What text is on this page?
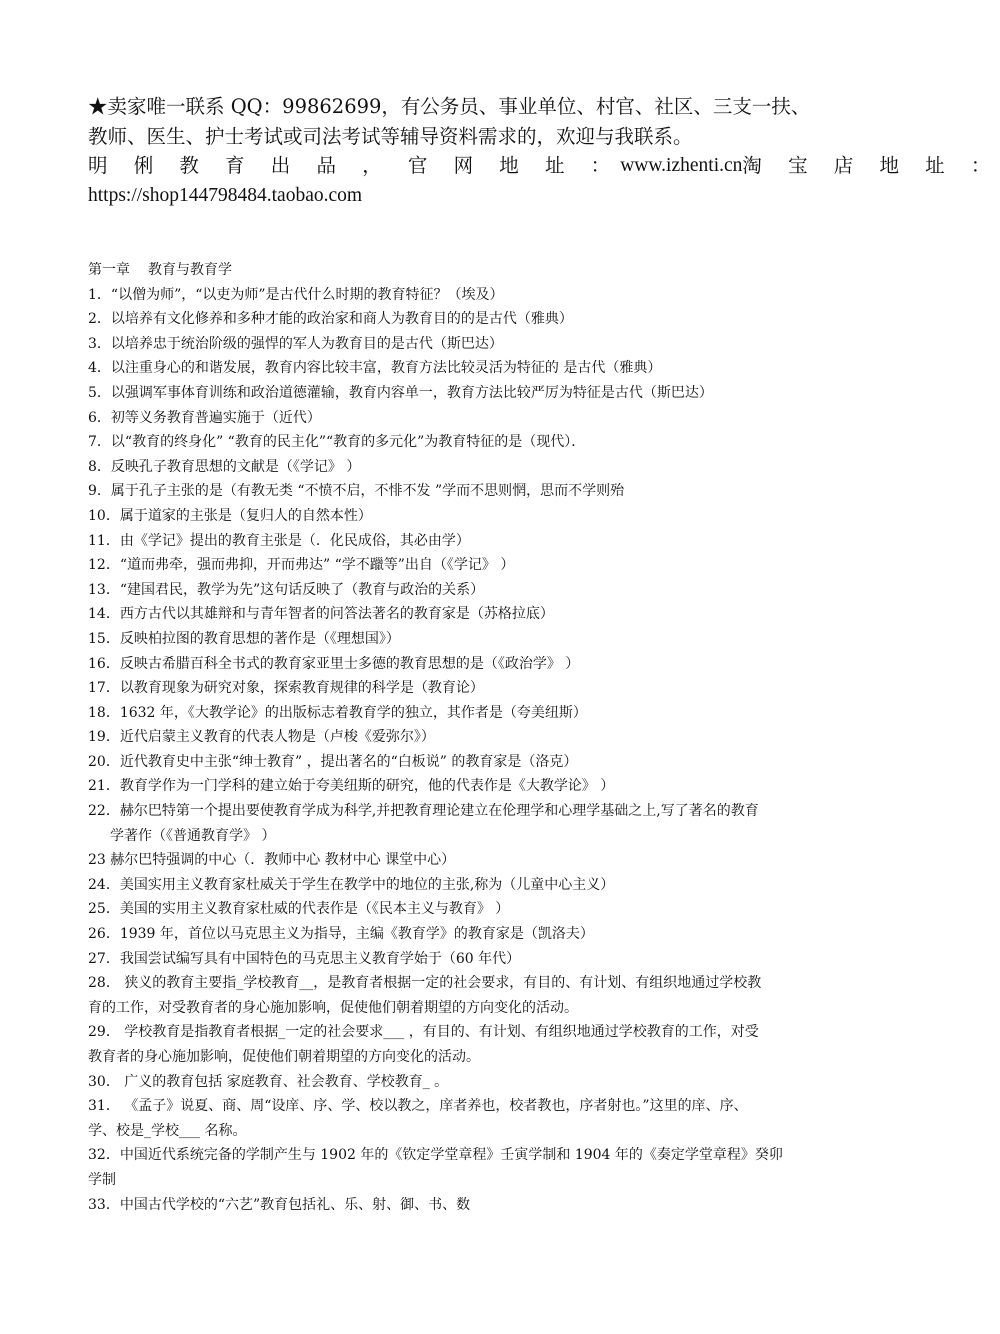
★卖家唯一联系 QQ：99862699，有公务员、事业单位、村官、社区、三支一扶、
教师、医生、护士考试或司法考试等辅导资料需求的，欢迎与我联系。
明 俐 教 育 出 品 ， 官 网 地 址 ： www.izhenti.cn 淘 宝 店 地 址 ：
https://shop144798484.taobao.com
第一章 教育与教育学
1．“以僧为师”，“以吏为师”是古代什么时期的教育特征？（埃及）
2．以培养有文化修养和多种才能的政治家和商人为教育目的的是古代（雅典）
3．以培养忠于统治阶级的强悍的军人为教育目的是古代（斯巴达）
4．以注重身心的和谐发展，教育内容比较丰富，教育方法比较灵活为特征的 是古代（雅典）
5．以强调军事体育训练和政治道德灌输，教育内容单一，教育方法比较严厉为特征是古代（斯巴达）
6．初等义务教育普遍实施于（近代）
7．以“教育的终身化” “教育的民主化”“教育的多元化”为教育特征的是（现代）．
8．反映孔子教育思想的文献是（《学记》 ）
9．属于孔子主张的是（有教无类 “不愤不启，不悱不发 ”学而不思则惘，思而不学则殆
10．属于道家的主张是（复归人的自然本性）
11．由《学记》提出的教育主张是（．化民成俗，其必由学）
12．“道而弗牵，强而弗抑，开而弗达” “学不躐等”出自（《学记》 ）
13．“建国君民，教学为先”这句话反映了（教育与政治的关系）
14．西方古代以其雄辩和与青年智者的问答法著名的教育家是（苏格拉底）
15．反映柏拉图的教育思想的著作是（《理想国》）
16．反映古希腊百科全书式的教育家亚里士多德的教育思想的是（《政治学》 ）
17．以教育现象为研究对象，探索教育规律的科学是（教育论）
18．1632 年，《大教学论》的出版标志着教育学的独立，其作者是（夸美纽斯）
19．近代启蒙主义教育的代表人物是（卢梭《爱弥尔》）
20．近代教育史中主张“绅士教育” ，提出著名的“白板说” 的教育家是（洛克）
21．教育学作为一门学科的建立始于夸美纽斯的研究，他的代表作是《大教学论》 ）
22．赫尔巴特第一个提出要使教育学成为科学,并把教育理论建立在伦理学和心理学基础之上,写了著名的教育
学著作（《普通教育学》 ）
23 赫尔巴特强调的中心（．教师中心 教材中心 课堂中心）
24．美国实用主义教育家杜威关于学生在教学中的地位的主张,称为（儿童中心主义）
25．美国的实用主义教育家杜威的代表作是（《民本主义与教育》 ）
26．1939 年，首位以马克思主义为指导，主编《教育学》的教育家是（凯洛夫）
27．我国尝试编写具有中国特色的马克思主义教育学始于（60 年代）
28． 狭义的教育主要指_学校教育__，是教育者根据一定的社会要求，有目的、有计划、有组织地通过学校教
育的工作，对受教育者的身心施加影响，促使他们朝着期望的方向变化的活动。
29． 学校教育是指教育者根据_一定的社会要求___ ，有目的、有计划、有组织地通过学校教育的工作，对受
教育者的身心施加影响，促使他们朝着期望的方向变化的活动。
30． 广义的教育包括 家庭教育、社会教育、学校教育_ 。
31． 《孟子》说夏、商、周“设庠、序、学、校以教之，庠者养也，校者教也，序者射也。”这里的庠、序、
学、校是_学校___ 名称。
32．中国近代系统完备的学制产生与 1902 年的《钦定学堂章程》壬寅学制和 1904 年的《奏定学堂章程》癸卯
学制
33．中国古代学校的“六艺”教育包括礼、乐、射、御、书、数
